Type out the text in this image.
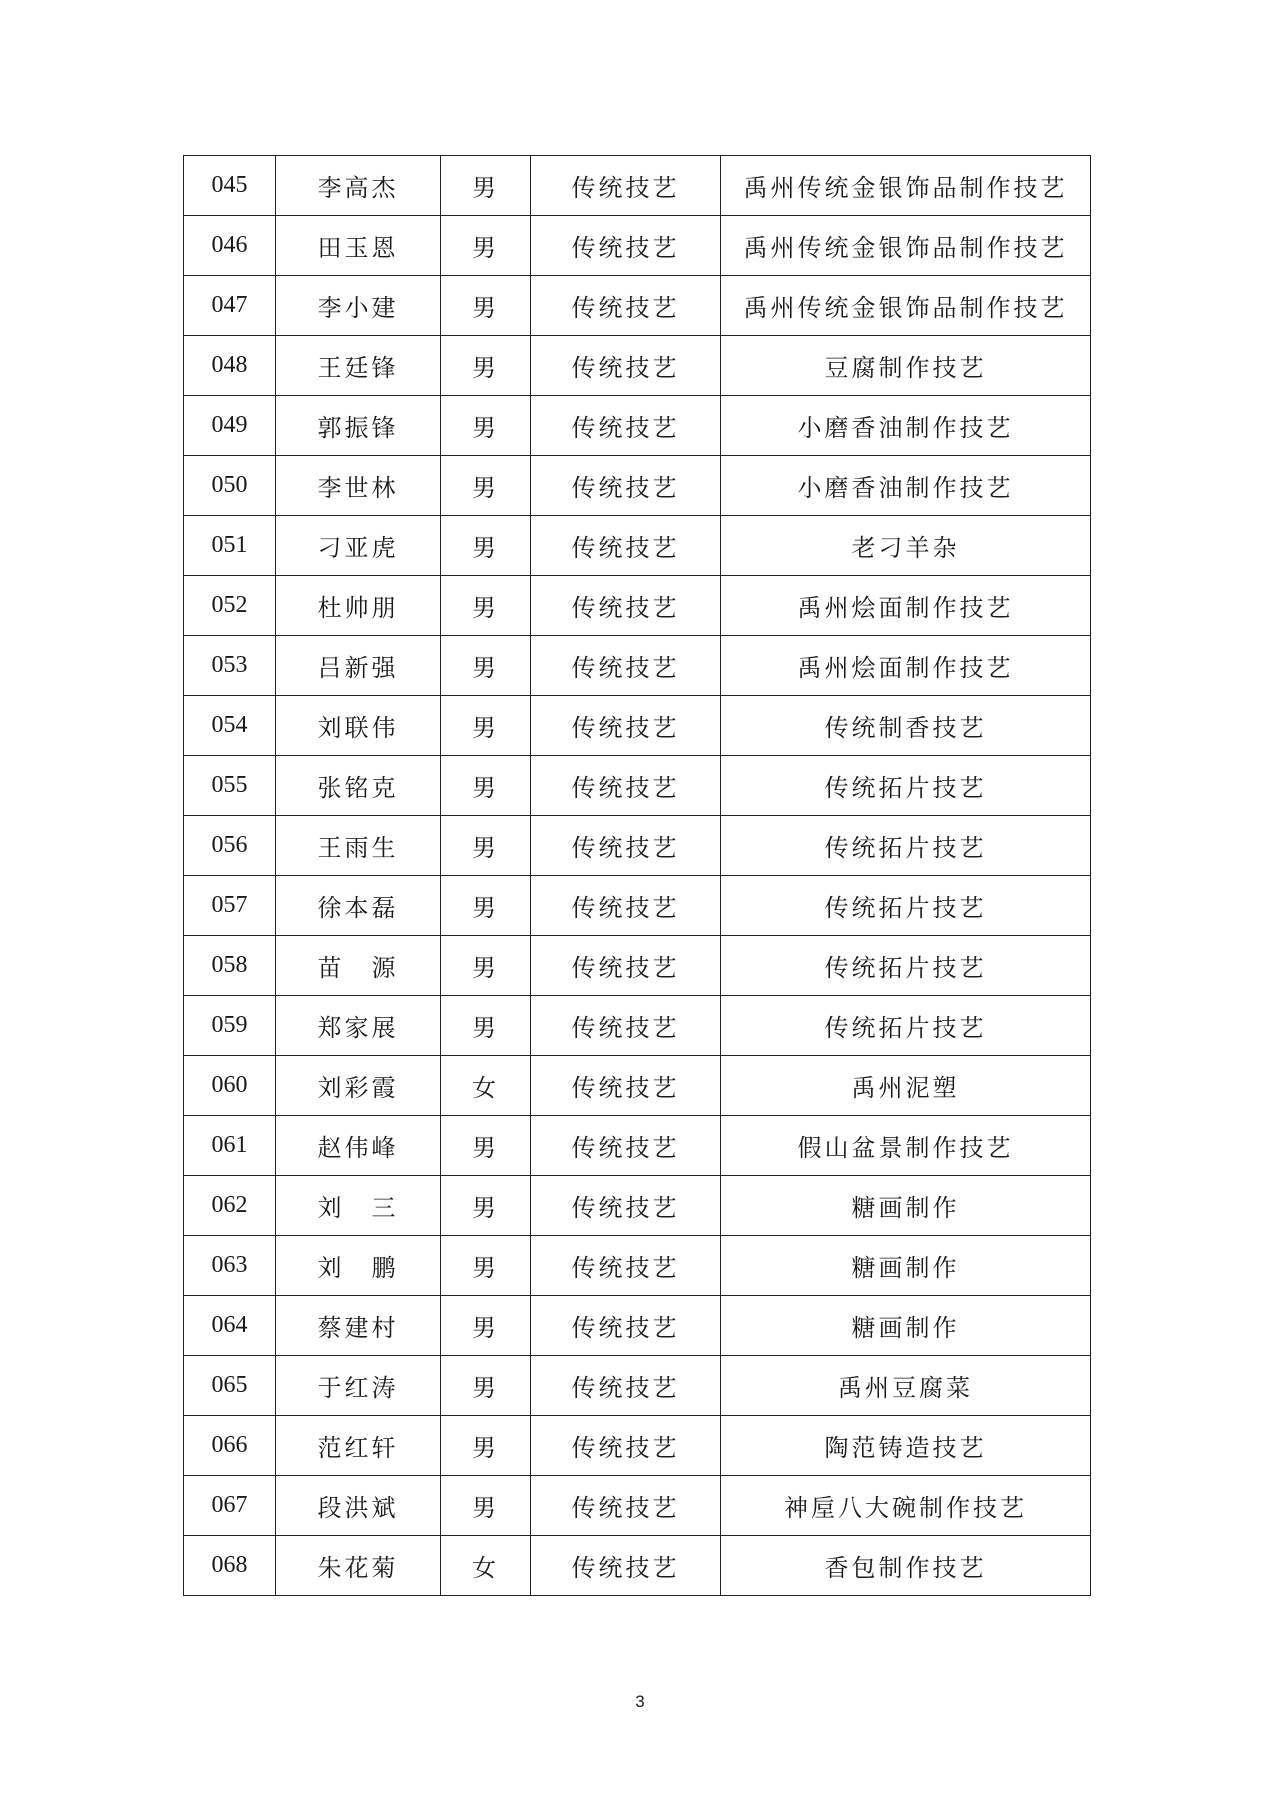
045	李高杰	男	传统技艺	禹州传统金银饰品制作技艺
046	田玉恩	男	传统技艺	禹州传统金银饰品制作技艺
047	李小建	男	传统技艺	禹州传统金银饰品制作技艺
048	王廷锋	男	传统技艺	豆腐制作技艺
049	郭振锋	男	传统技艺	小磨香油制作技艺
050	李世林	男	传统技艺	小磨香油制作技艺
051	刁亚虎	男	传统技艺	老刁羊杂
052	杜帅朋	男	传统技艺	禹州烩面制作技艺
053	吕新强	男	传统技艺	禹州烩面制作技艺
054	刘联伟	男	传统技艺	传统制香技艺
055	张铭克	男	传统技艺	传统拓片技艺
056	王雨生	男	传统技艺	传统拓片技艺
057	徐本磊	男	传统技艺	传统拓片技艺
058	苗　源	男	传统技艺	传统拓片技艺
059	郑家展	男	传统技艺	传统拓片技艺
060	刘彩霞	女	传统技艺	禹州泥塑
061	赵伟峰	男	传统技艺	假山盆景制作技艺
062	刘　三	男	传统技艺	糖画制作
063	刘　鹏	男	传统技艺	糖画制作
064	蔡建村	男	传统技艺	糖画制作
065	于红涛	男	传统技艺	禹州豆腐菜
066	范红轩	男	传统技艺	陶范铸造技艺
067	段洪斌	男	传统技艺	神垕八大碗制作技艺
068	朱花菊	女	传统技艺	香包制作技艺
3
